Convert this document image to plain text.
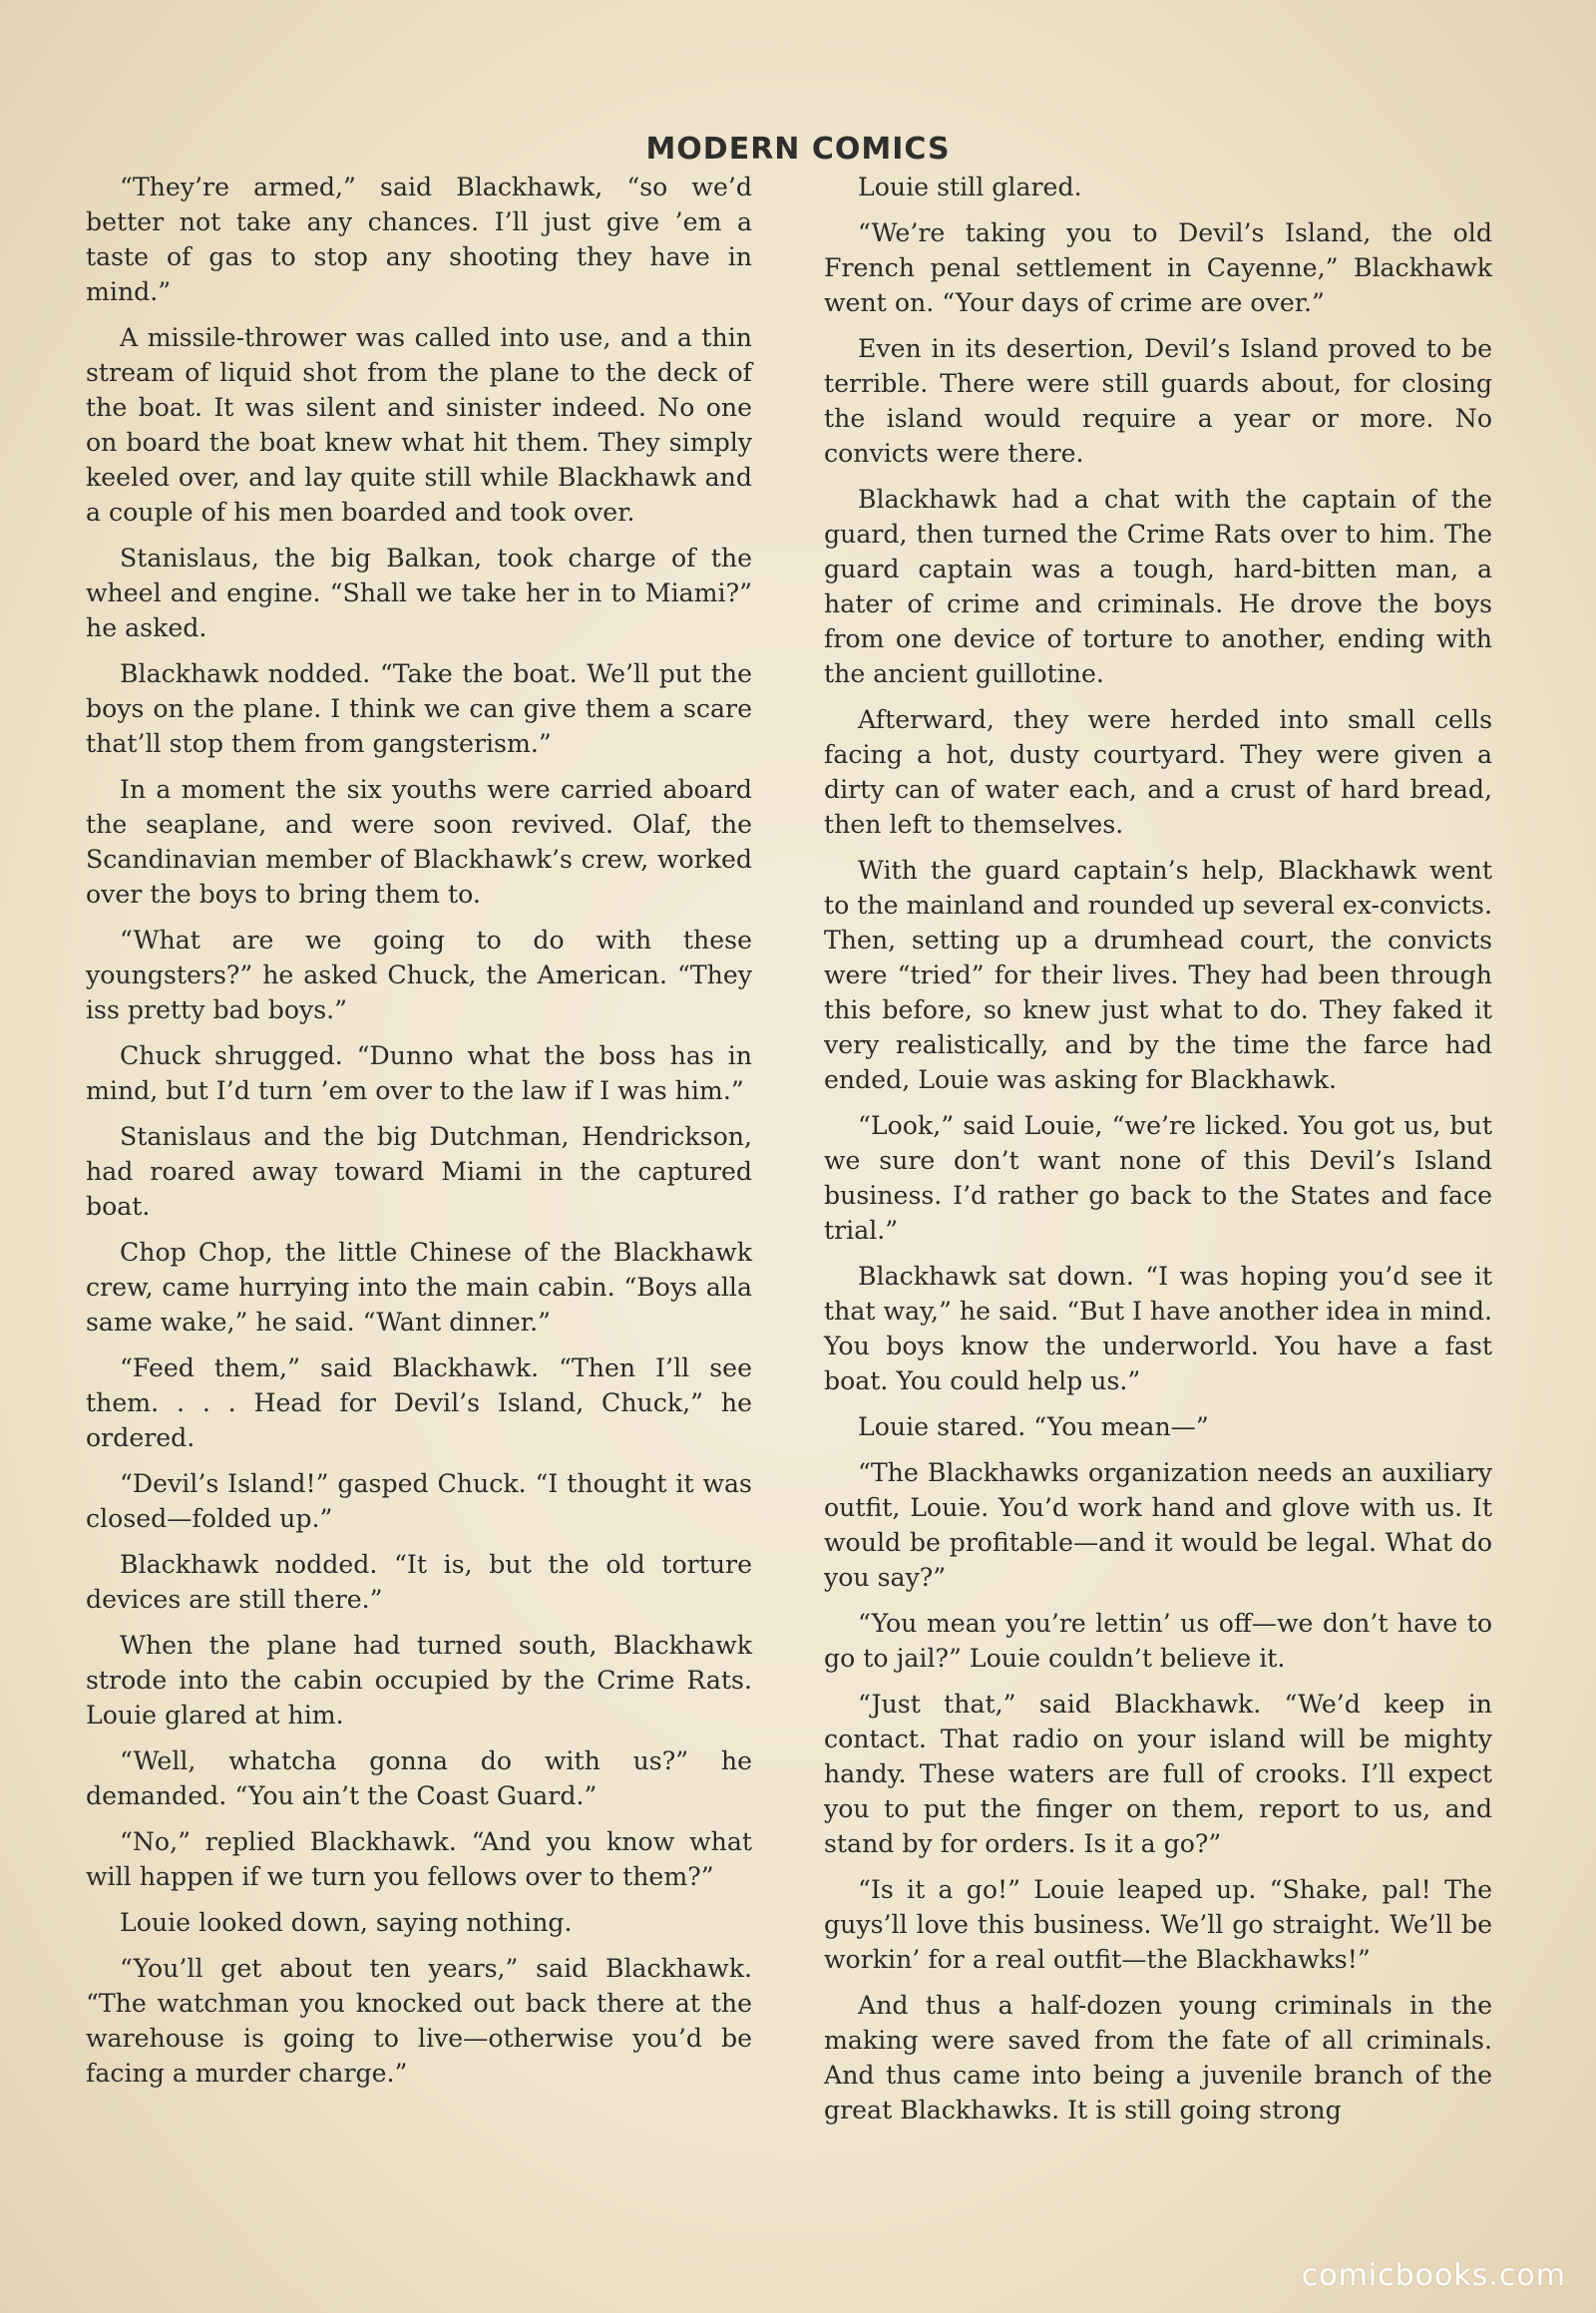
MODERN COMICS

“They’re armed,” said Blackhawk, “so we’d better not take any chances. I’ll just give ’em a taste of gas to stop any shooting they have in mind.”

A missile-thrower was called into use, and a thin stream of liquid shot from the plane to the deck of the boat. It was silent and sinister indeed. No one on board the boat knew what hit them. They simply keeled over, and lay quite still while Blackhawk and a couple of his men boarded and took over.

Stanislaus, the big Balkan, took charge of the wheel and engine. “Shall we take her in to Miami?” he asked.

Blackhawk nodded. “Take the boat. We’ll put the boys on the plane. I think we can give them a scare that’ll stop them from gangsterism.”

In a moment the six youths were carried aboard the seaplane, and were soon revived. Olaf, the Scandinavian member of Blackhawk’s crew, worked over the boys to bring them to.

“What are we going to do with these youngsters?” he asked Chuck, the American. “They iss pretty bad boys.”

Chuck shrugged. “Dunno what the boss has in mind, but I’d turn ’em over to the law if I was him.”

Stanislaus and the big Dutchman, Hendrickson, had roared away toward Miami in the captured boat.

Chop Chop, the little Chinese of the Blackhawk crew, came hurrying into the main cabin. “Boys alla same wake,” he said. “Want dinner.”

“Feed them,” said Blackhawk. “Then I’ll see them. . . . Head for Devil’s Island, Chuck,” he ordered.

“Devil’s Island!” gasped Chuck. “I thought it was closed—folded up.”

Blackhawk nodded. “It is, but the old torture devices are still there.”

When the plane had turned south, Blackhawk strode into the cabin occupied by the Crime Rats. Louie glared at him.

“Well, whatcha gonna do with us?” he demanded. “You ain’t the Coast Guard.”

“No,” replied Blackhawk. “And you know what will happen if we turn you fellows over to them?”

Louie looked down, saying nothing.

“You’ll get about ten years,” said Blackhawk. “The watchman you knocked out back there at the warehouse is going to live—otherwise you’d be facing a murder charge.”

Louie still glared.

“We’re taking you to Devil’s Island, the old French penal settlement in Cayenne,” Blackhawk went on. “Your days of crime are over.”

Even in its desertion, Devil’s Island proved to be terrible. There were still guards about, for closing the island would require a year or more. No convicts were there.

Blackhawk had a chat with the captain of the guard, then turned the Crime Rats over to him. The guard captain was a tough, hard-bitten man, a hater of crime and criminals. He drove the boys from one device of torture to another, ending with the ancient guillotine.

Afterward, they were herded into small cells facing a hot, dusty courtyard. They were given a dirty can of water each, and a crust of hard bread, then left to themselves.

With the guard captain’s help, Blackhawk went to the mainland and rounded up several ex-convicts. Then, setting up a drumhead court, the convicts were “tried” for their lives. They had been through this before, so knew just what to do. They faked it very realistically, and by the time the farce had ended, Louie was asking for Blackhawk.

“Look,” said Louie, “we’re licked. You got us, but we sure don’t want none of this Devil’s Island business. I’d rather go back to the States and face trial.”

Blackhawk sat down. “I was hoping you’d see it that way,” he said. “But I have another idea in mind. You boys know the underworld. You have a fast boat. You could help us.”

Louie stared. “You mean—”

“The Blackhawks organization needs an auxiliary outfit, Louie. You’d work hand and glove with us. It would be profitable—and it would be legal. What do you say?”

“You mean you’re lettin’ us off—we don’t have to go to jail?” Louie couldn’t believe it.

“Just that,” said Blackhawk. “We’d keep in contact. That radio on your island will be mighty handy. These waters are full of crooks. I’ll expect you to put the finger on them, report to us, and stand by for orders. Is it a go?”

“Is it a go!” Louie leaped up. “Shake, pal! The guys’ll love this business. We’ll go straight. We’ll be workin’ for a real outfit—the Blackhawks!”

And thus a half-dozen young criminals in the making were saved from the fate of all criminals. And thus came into being a juvenile branch of the great Blackhawks. It is still going strong

comicbooks.com
